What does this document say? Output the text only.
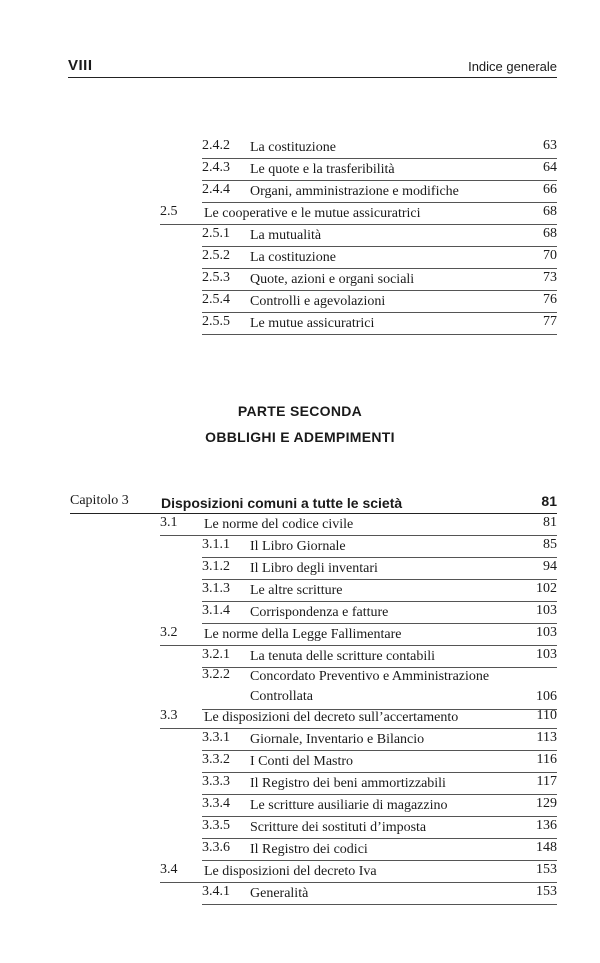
VIII	Indice generale
2.4.2 La costituzione	63
2.4.3 Le quote e la trasferibilità	64
2.4.4 Organi, amministrazione e modifiche	66
2.5 Le cooperative e le mutue assicuratrici	68
2.5.1 La mutualità	68
2.5.2 La costituzione	70
2.5.3 Quote, azioni e organi sociali	73
2.5.4 Controlli e agevolazioni	76
2.5.5 Le mutue assicuratrici	77
PARTE SECONDA
OBBLIGHI E ADEMPIMENTI
Capitolo 3 Disposizioni comuni a tutte le scietà	81
3.1 Le norme del codice civile	81
3.1.1 Il Libro Giornale	85
3.1.2 Il Libro degli inventari	94
3.1.3 Le altre scritture	102
3.1.4 Corrispondenza e fatture	103
3.2 Le norme della Legge Fallimentare	103
3.2.1 La tenuta delle scritture contabili	103
3.2.2 Concordato Preventivo e Amministrazione
Controllata	106
3.3 Le disposizioni del decreto sull’accertamento	110
3.3.1 Giornale, Inventario e Bilancio	113
3.3.2 I Conti del Mastro	116
3.3.3 Il Registro dei beni ammortizzabili	117
3.3.4 Le scritture ausiliarie di magazzino	129
3.3.5 Scritture dei sostituti d’imposta	136
3.3.6 Il Registro dei codici	148
3.4 Le disposizioni del decreto Iva	153
3.4.1 Generalità	153
